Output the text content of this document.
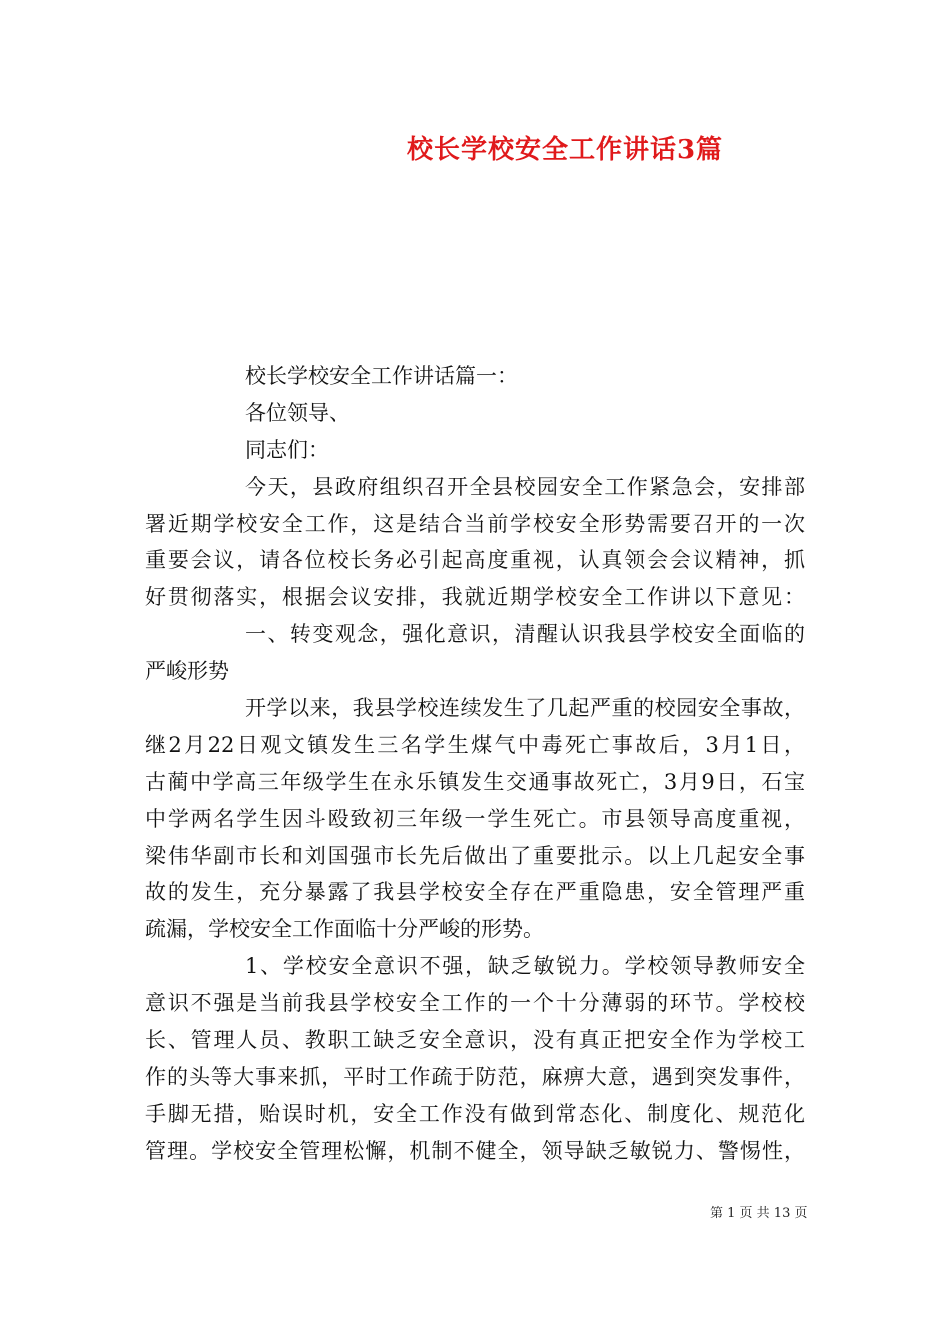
校长学校安全工作讲话3篇
校长学校安全工作讲话篇一：
各位领导、
同志们：
今天，县政府组织召开全县校园安全工作紧急会，安排部
署近期学校安全工作，这是结合当前学校安全形势需要召开的一次
重要会议，请各位校长务必引起高度重视，认真领会会议精神，抓
好贯彻落实，根据会议安排，我就近期学校安全工作讲以下意见：
一、转变观念，强化意识，清醒认识我县学校安全面临的
严峻形势
开学以来，我县学校连续发生了几起严重的校园安全事故，
继2月22日观文镇发生三名学生煤气中毒死亡事故后，3月1日，
古蔺中学高三年级学生在永乐镇发生交通事故死亡，3月9日，石宝
中学两名学生因斗殴致初三年级一学生死亡。市县领导高度重视，
梁伟华副市长和刘国强市长先后做出了重要批示。以上几起安全事
故的发生，充分暴露了我县学校安全存在严重隐患，安全管理严重
疏漏，学校安全工作面临十分严峻的形势。
1、学校安全意识不强，缺乏敏锐力。学校领导教师安全
意识不强是当前我县学校安全工作的一个十分薄弱的环节。学校校
长、管理人员、教职工缺乏安全意识，没有真正把安全作为学校工
作的头等大事来抓，平时工作疏于防范，麻痹大意，遇到突发事件，
手脚无措，贻误时机，安全工作没有做到常态化、制度化、规范化
管理。学校安全管理松懈，机制不健全，领导缺乏敏锐力、警惕性，
第 1 页 共 13 页
